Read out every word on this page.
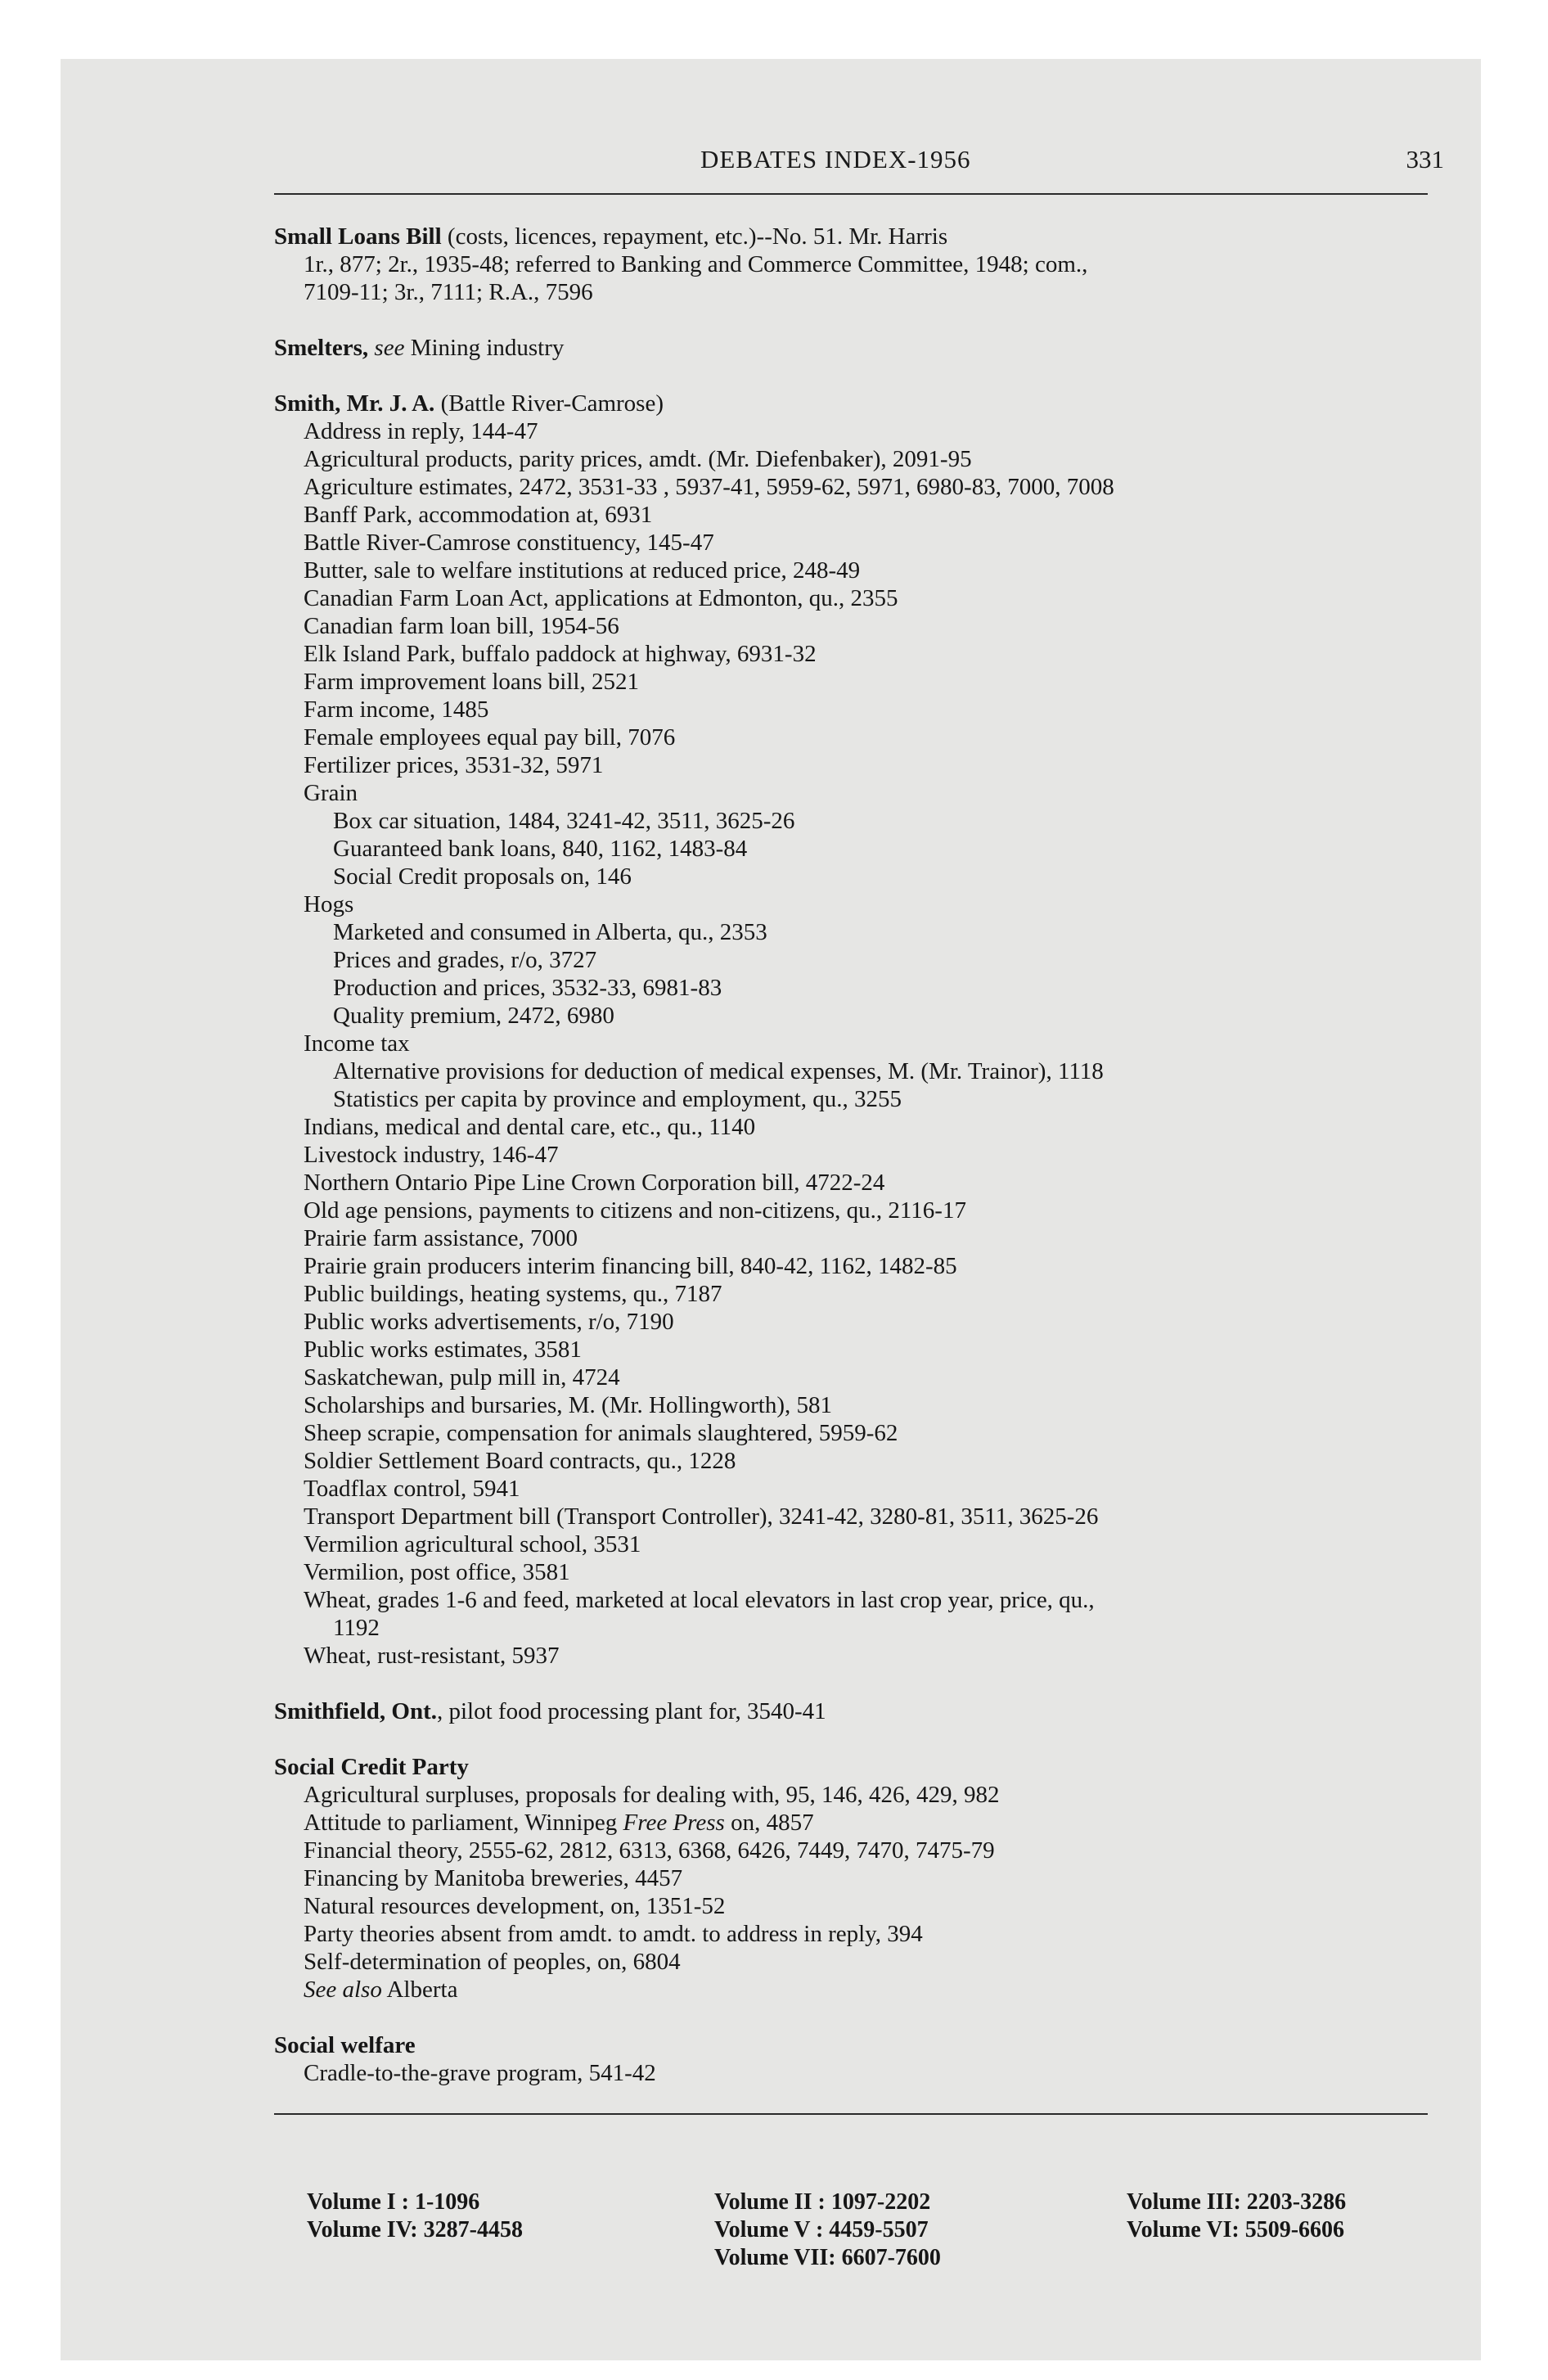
DEBATES INDEX-1956	331

Small Loans Bill (costs, licences, repayment, etc.)--No. 51. Mr. Harris

1r., 877; 2r., 1935-48; referred to Banking and Commerce Committee, 1948; com.,

7109-11; 3r., 7111; R.A., 7596

Smelters, see Mining industry

Smith, Mr. J. A. (Battle River-Camrose)

Address in reply, 144-47

Agricultural products, parity prices, amdt. (Mr. Diefenbaker), 2091-95

Agriculture estimates, 2472, 3531-33 , 5937-41, 5959-62, 5971, 6980-83, 7000, 7008

Banff Park, accommodation at, 6931

Battle River-Camrose constituency, 145-47

Butter, sale to welfare institutions at reduced price, 248-49

Canadian Farm Loan Act, applications at Edmonton, qu., 2355

Canadian farm loan bill, 1954-56

Elk Island Park, buffalo paddock at highway, 6931-32

Farm improvement loans bill, 2521

Farm income, 1485

Female employees equal pay bill, 7076

Fertilizer prices, 3531-32, 5971

Grain

Box car situation, 1484, 3241-42, 3511, 3625-26

Guaranteed bank loans, 840, 1162, 1483-84

Social Credit proposals on, 146

Hogs

Marketed and consumed in Alberta, qu., 2353

Prices and grades, r/o, 3727

Production and prices, 3532-33, 6981-83

Quality premium, 2472, 6980

Income tax

Alternative provisions for deduction of medical expenses, M. (Mr. Trainor), 1118

Statistics per capita by province and employment, qu., 3255

Indians, medical and dental care, etc., qu., 1140

Livestock industry, 146-47

Northern Ontario Pipe Line Crown Corporation bill, 4722-24

Old age pensions, payments to citizens and non-citizens, qu., 2116-17

Prairie farm assistance, 7000

Prairie grain producers interim financing bill, 840-42, 1162, 1482-85

Public buildings, heating systems, qu., 7187

Public works advertisements, r/o, 7190

Public works estimates, 3581

Saskatchewan, pulp mill in, 4724

Scholarships and bursaries, M. (Mr. Hollingworth), 581

Sheep scrapie, compensation for animals slaughtered, 5959-62

Soldier Settlement Board contracts, qu., 1228

Toadflax control, 5941

Transport Department bill (Transport Controller), 3241-42, 3280-81, 3511, 3625-26

Vermilion agricultural school, 3531

Vermilion, post office, 3581

Wheat, grades 1-6 and feed, marketed at local elevators in last crop year, price, qu.,

1192

Wheat, rust-resistant, 5937

Smithfield, Ont., pilot food processing plant for, 3540-41

Social Credit Party

Agricultural surpluses, proposals for dealing with, 95, 146, 426, 429, 982

Attitude to parliament, Winnipeg Free Press on, 4857

Financial theory, 2555-62, 2812, 6313, 6368, 6426, 7449, 7470, 7475-79

Financing by Manitoba breweries, 4457

Natural resources development, on, 1351-52

Party theories absent from amdt. to amdt. to address in reply, 394

Self-determination of peoples, on, 6804

See also Alberta

Social welfare

Cradle-to-the-grave program, 541-42

Volume I : 1-1096
Volume IV: 3287-4458
Volume II : 1097-2202
Volume V : 4459-5507
Volume VII: 6607-7600
Volume III: 2203-3286
Volume VI: 5509-6606
